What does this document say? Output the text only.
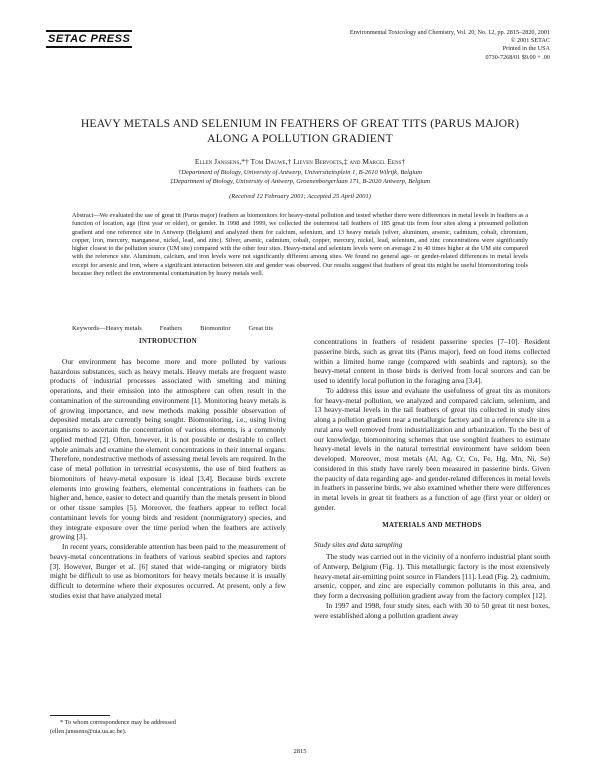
SETAC PRESS
Environmental Toxicology and Chemistry, Vol. 20, No. 12, pp. 2815–2820, 2001
© 2001 SETAC
Printed in the USA
0730-7268/01 $9.00 + .00
HEAVY METALS AND SELENIUM IN FEATHERS OF GREAT TITS (PARUS MAJOR)
ALONG A POLLUTION GRADIENT
Ellen Janssens,*† Tom Dauwe,† Lieven Bervoets,‡ and Marcel Eens†
†Department of Biology, University of Antwerp, Universiteitsplein 1, B-2610 Wilrijk, Belgium
‡Department of Biology, University of Antwerp, Groenenborgerlaan 171, B-2020 Antwerp, Belgium
(Received 12 February 2001; Accepted 25 April 2001)
Abstract—We evaluated the use of great tit (Parus major) feathers as biomonitors for heavy-metal pollution and tested whether there were differences in metal levels in feathers as a function of location, age (first year or older), or gender. In 1998 and 1999, we collected the outermost tail feathers of 185 great tits from four sites along a presumed pollution gradient and one reference site in Antwerp (Belgium) and analyzed them for calcium, selenium, and 13 heavy metals (silver, aluminum, arsenic, cadmium, cobalt, chromium, copper, iron, mercury, manganese, nickel, lead, and zinc). Silver, arsenic, cadmium, cobalt, copper, mercury, nickel, lead, selenium, and zinc concentrations were significantly higher closest to the pollution source (UM site) compared with the other four sites. Heavy-metal and selenium levels were on average 2 to 40 times higher at the UM site compared with the reference site. Aluminum, calcium, and iron levels were not significantly different among sites. We found no general age- or gender-related differences in metal levels except for arsenic and iron, where a significant interaction between site and gender was observed. Our results suggest that feathers of great tits might be useful biomonitoring tools because they reflect the environmental contamination by heavy metals well.
Keywords—Heavy metals	Feathers	Biomonitor	Great tits
INTRODUCTION

Our environment has become more and more polluted by various hazardous substances, such as heavy metals. Heavy metals are frequent waste products of industrial processes associated with smelting and mining operations, and their emission into the atmosphere can often result in the contamination of the surrounding environment [1]. Monitoring heavy metals is of growing importance, and new methods making possible observation of deposited metals are currently being sought. Biomonitoring, i.e., using living organisms to ascertain the concentration of various elements, is a commonly applied method [2]. Often, however, it is not possible or desirable to collect whole animals and examine the element concentrations in their internal organs. Therefore, nondestructive methods of assessing metal levels are required. In the case of metal pollution in terrestrial ecosystems, the use of bird feathers as biomonitors of heavy-metal exposure is ideal [3,4]. Because birds excrete elements into growing feathers, elemental concentrations in feathers can be higher and, hence, easier to detect and quantify than the metals present in blood or other tissue samples [5]. Moreover, the feathers appear to reflect local contaminant levels for young birds and resident (nonmigratory) species, and they integrate exposure over the time period when the feathers are actively growing [3].

In recent years, considerable attention has been paid to the measurement of heavy-metal concentrations in feathers of various seabird species and raptors [3]. However, Burger et al. [6] stated that wide-ranging or migratory birds might be difficult to use as biomonitors for heavy metals because it is usually difficult to determine where their exposures occurred. At present, only a few studies exist that have analyzed metal

concentrations in feathers of resident passerine species [7–10]. Resident passerine birds, such as great tits (Parus major), feed on food items collected within a limited home range (compared with seabirds and raptors), so the heavy-metal content in those birds is derived from local sources and can be used to identify local pollution in the foraging area [3,4].

To address this issue and evaluate the usefulness of great tits as monitors for heavy-metal pollution, we analyzed and compared calcium, selenium, and 13 heavy-metal levels in the tail feathers of great tits collected in study sites along a pollution gradient near a metallurgic factory and in a reference site in a rural area well removed from industrialization and urbanization. To the best of our knowledge, biomonitoring schemes that use songbird feathers to estimate heavy-metal levels in the natural terrestrial environment have seldom been developed. Moreover, most metals (Al, Ag, Cr, Co, Fe, Hg, Mn, Ni, Se) considered in this study have rarely been measured in passerine birds. Given the paucity of data regarding age- and gender-related differences in metal levels in feathers in passerine birds, we also examined whether there were differences in metal levels in great tit feathers as a function of age (first year or older) or gender.

MATERIALS AND METHODS
Study sites and data sampling

The study was carried out in the vicinity of a nonferro industrial plant south of Antwerp, Belgium (Fig. 1). This metallurgic factory is the most extensively heavy-metal air-emitting point source in Flanders [11]. Lead (Fig. 2), cadmium, arsenic, copper, and zinc are especially common pollutants in this area, and they form a decreasing pollution gradient away from the factory complex [12].

In 1997 and 1998, four study sites, each with 30 to 50 great tit nest boxes, were established along a pollution gradient away

* To whom correspondence may be addressed
(ellen.janssens@uia.ua.ac.be).
2815
